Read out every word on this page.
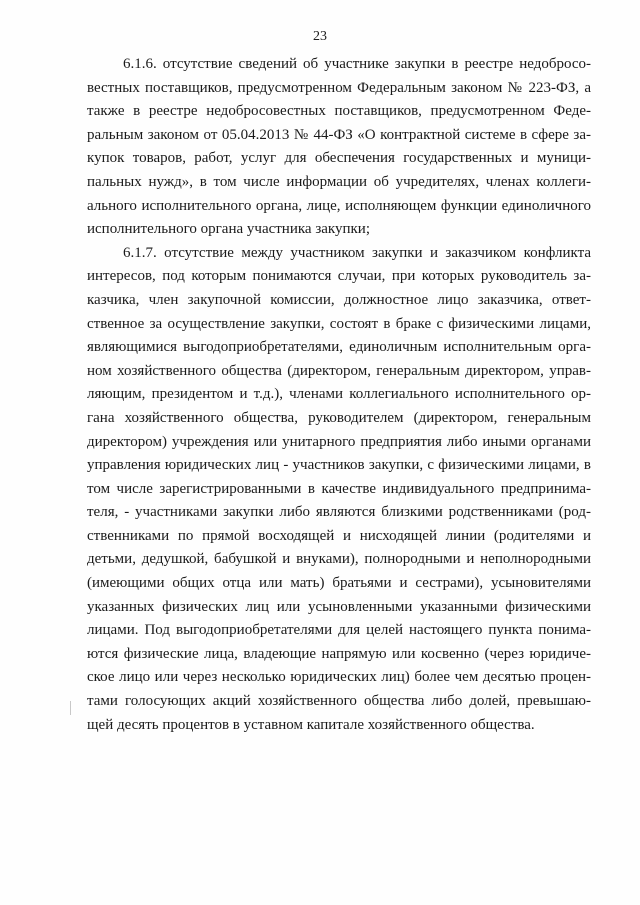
23

6.1.6. отсутствие сведений об участнике закупки в реестре недобросо-
вестных поставщиков, предусмотренном Федеральным законом № 223-ФЗ, а
также в реестре недобросовестных поставщиков, предусмотренном Феде-
ральным законом от 05.04.2013 № 44-ФЗ «О контрактной системе в сфере за-
купок товаров, работ, услуг для обеспечения государственных и муници-
пальных нужд», в том числе информации об учредителях, членах коллеги-
ального исполнительного органа, лице, исполняющем функции единоличного
исполнительного органа участника закупки;

6.1.7. отсутствие между участником закупки и заказчиком конфликта
интересов, под которым понимаются случаи, при которых руководитель за-
казчика, член закупочной комиссии, должностное лицо заказчика, ответ-
ственное за осуществление закупки, состоят в браке с физическими лицами,
являющимися выгодоприобретателями, единоличным исполнительным орга-
ном хозяйственного общества (директором, генеральным директором, управ-
ляющим, президентом и т.д.), членами коллегиального исполнительного ор-
гана хозяйственного общества, руководителем (директором, генеральным
директором) учреждения или унитарного предприятия либо иными органами
управления юридических лиц - участников закупки, с физическими лицами, в
том числе зарегистрированными в качестве индивидуального предпринима-
теля, - участниками закупки либо являются близкими родственниками (род-
ственниками по прямой восходящей и нисходящей линии (родителями и
детьми, дедушкой, бабушкой и внуками), полнородными и неполнородными
(имеющими общих отца или мать) братьями и сестрами), усыновителями
указанных физических лиц или усыновленными указанными физическими
лицами. Под выгодоприобретателями для целей настоящего пункта понима-
ются физические лица, владеющие напрямую или косвенно (через юридиче-
ское лицо или через несколько юридических лиц) более чем десятью процен-
тами голосующих акций хозяйственного общества либо долей, превышаю-
щей десять процентов в уставном капитале хозяйственного общества.
